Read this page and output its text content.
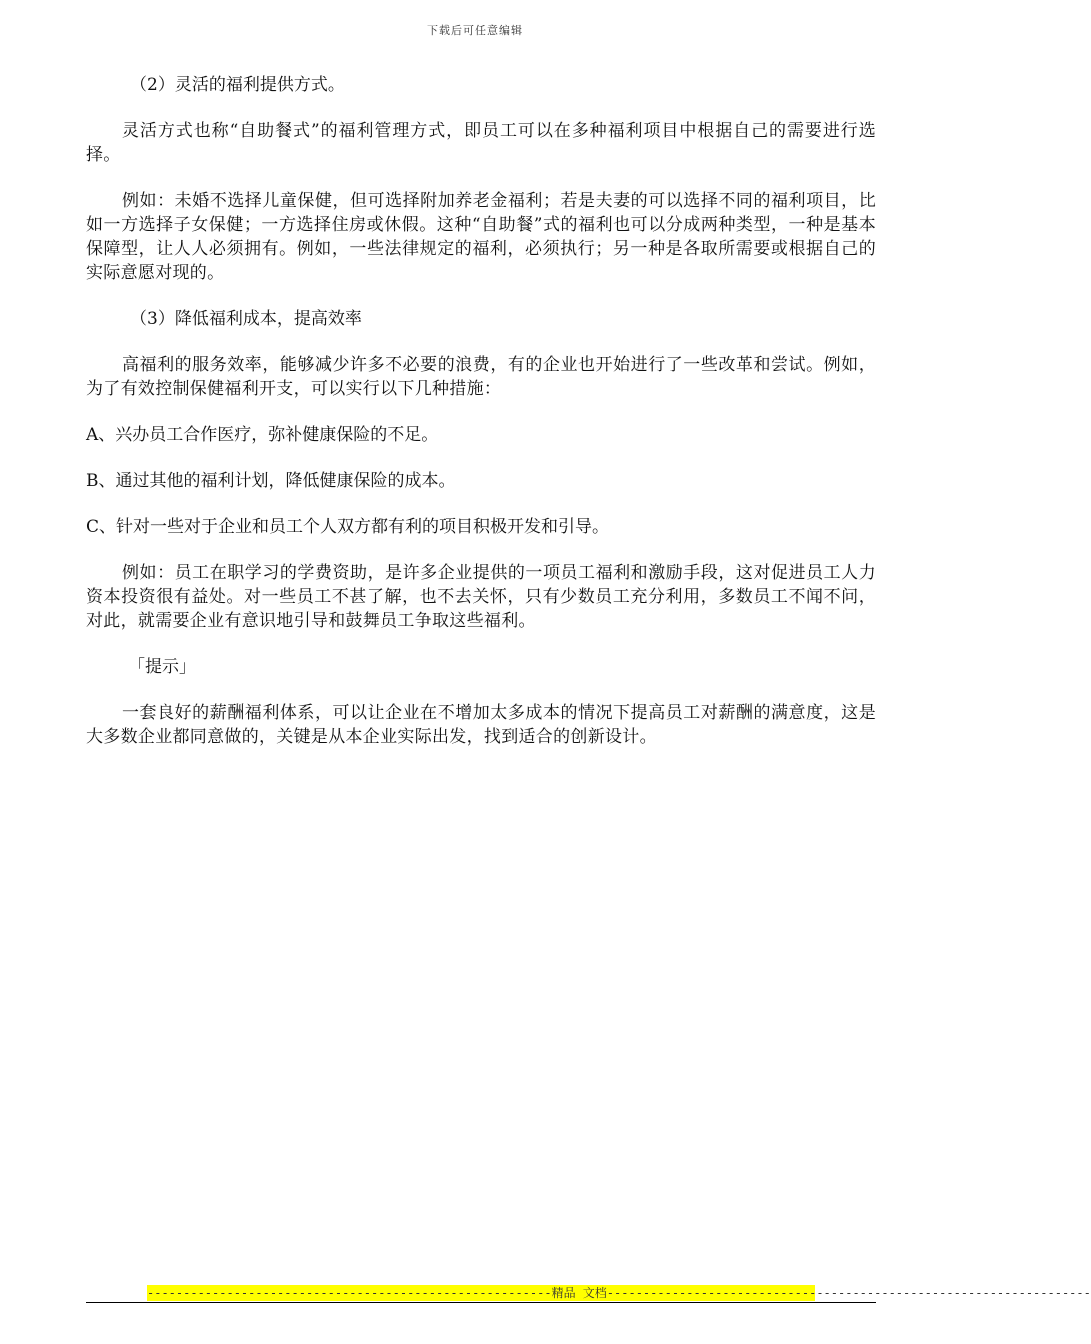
下载后可任意编辑

（2）灵活的福利提供方式。

灵活方式也称“自助餐式”的福利管理方式，即员工可以在多种福利项目中根据自己的需要进行选择。

例如：未婚不选择儿童保健，但可选择附加养老金福利；若是夫妻的可以选择不同的福利项目，比如一方选择子女保健；一方选择住房或休假。这种“自助餐”式的福利也可以分成两种类型，一种是基本保障型，让人人必须拥有。例如，一些法律规定的福利，必须执行；另一种是各取所需要或根据自己的实际意愿对现的。

（3）降低福利成本，提高效率

高福利的服务效率，能够减少许多不必要的浪费，有的企业也开始进行了一些改革和尝试。例如，为了有效控制保健福利开支，可以实行以下几种措施：

A、兴办员工合作医疗，弥补健康保险的不足。

B、通过其他的福利计划，降低健康保险的成本。

C、针对一些对于企业和员工个人双方都有利的项目积极开发和引导。

例如：员工在职学习的学费资助，是许多企业提供的一项员工福利和激励手段，这对促进员工人力资本投资很有益处。对一些员工不甚了解，也不去关怀，只有少数员工充分利用，多数员工不闻不问，对此，就需要企业有意识地引导和鼓舞员工争取这些福利。

「提示」

一套良好的薪酬福利体系，可以让企业在不增加太多成本的情况下提高员工对薪酬的满意度，这是大多数企业都同意做的，关键是从本企业实际出发，找到适合的创新设计。

--------------------------------------------------------精品 文档-------------------------------------------------------------------
